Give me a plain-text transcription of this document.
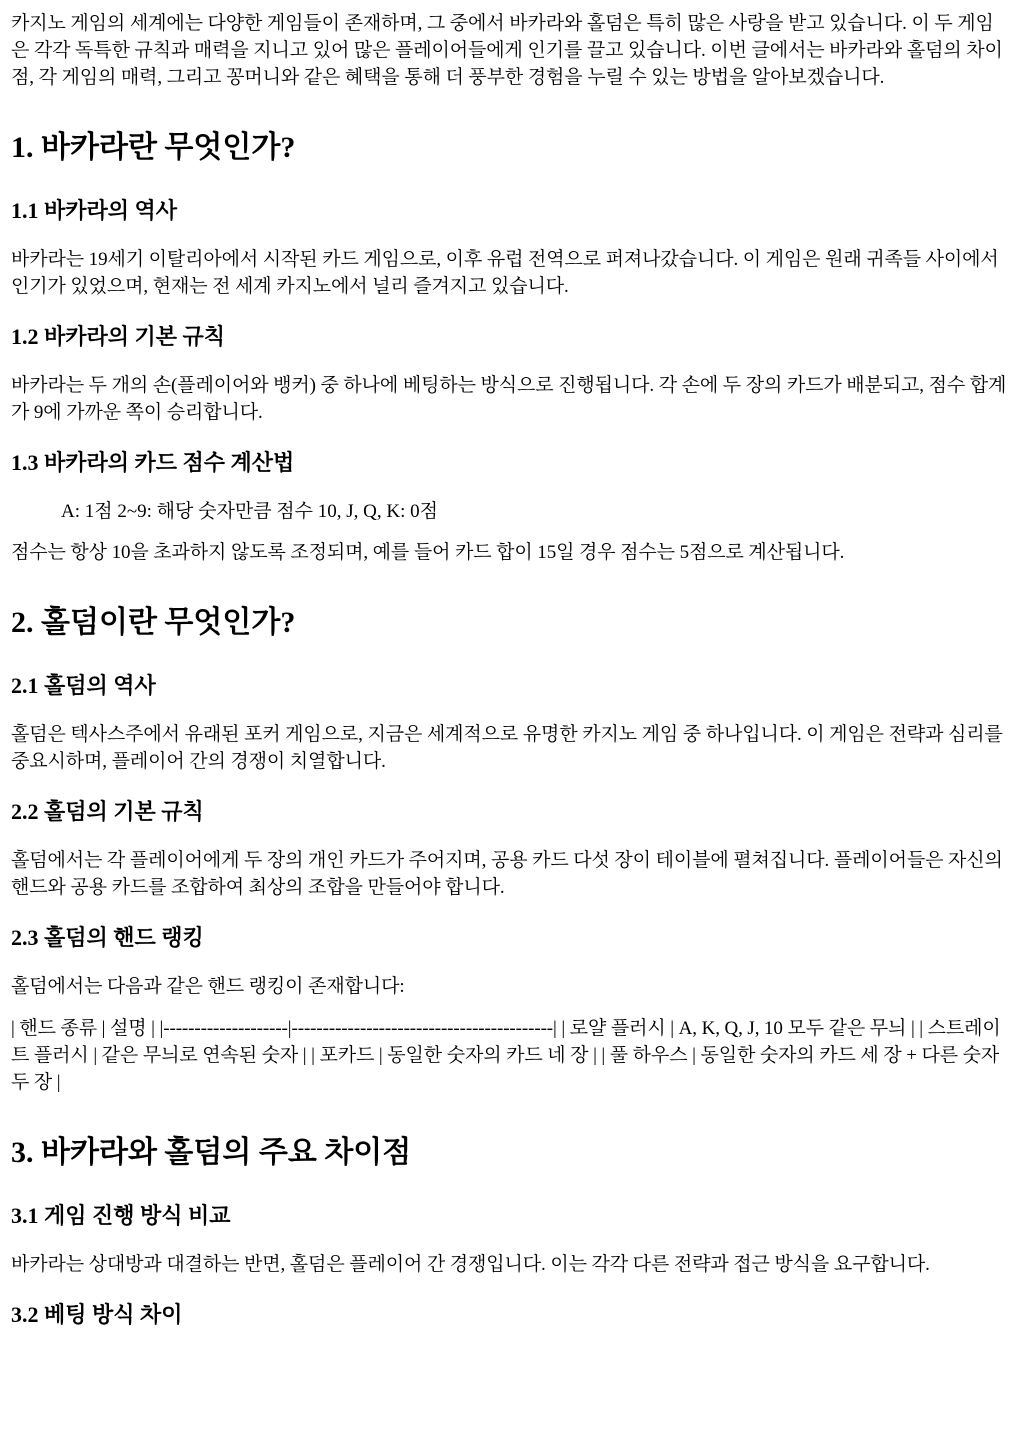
카지노 게임의 세계에는 다양한 게임들이 존재하며, 그 중에서 바카라와 홀덤은 특히 많은 사랑을 받고 있습니다. 이 두 게임은 각각 독특한 규칙과 매력을 지니고 있어 많은 플레이어들에게 인기를 끌고 있습니다. 이번 글에서는 바카라와 홀덤의 차이점, 각 게임의 매력, 그리고 꽁머니와 같은 혜택을 통해 더 풍부한 경험을 누릴 수 있는 방법을 알아보겠습니다.

1. 바카라란 무엇인가?
1.1 바카라의 역사

바카라는 19세기 이탈리아에서 시작된 카드 게임으로, 이후 유럽 전역으로 퍼져나갔습니다. 이 게임은 원래 귀족들 사이에서 인기가 있었으며, 현재는 전 세계 카지노에서 널리 즐겨지고 있습니다.

1.2 바카라의 기본 규칙

바카라는 두 개의 손(플레이어와 뱅커) 중 하나에 베팅하는 방식으로 진행됩니다. 각 손에 두 장의 카드가 배분되고, 점수 합계가 9에 가까운 쪽이 승리합니다.

1.3 바카라의 카드 점수 계산법
A: 1점 2~9: 해당 숫자만큼 점수 10, J, Q, K: 0점

점수는 항상 10을 초과하지 않도록 조정되며, 예를 들어 카드 합이 15일 경우 점수는 5점으로 계산됩니다.

2. 홀덤이란 무엇인가?
2.1 홀덤의 역사

홀덤은 텍사스주에서 유래된 포커 게임으로, 지금은 세계적으로 유명한 카지노 게임 중 하나입니다. 이 게임은 전략과 심리를 중요시하며, 플레이어 간의 경쟁이 치열합니다.

2.2 홀덤의 기본 규칙

홀덤에서는 각 플레이어에게 두 장의 개인 카드가 주어지며, 공용 카드 다섯 장이 테이블에 펼쳐집니다. 플레이어들은 자신의 핸드와 공용 카드를 조합하여 최상의 조합을 만들어야 합니다.

2.3 홀덤의 핸드 랭킹

홀덤에서는 다음과 같은 핸드 랭킹이 존재합니다:

| 핸드 종류 | 설명 | |--------------------|------------------------------------------| | 로얄 플러시 | A, K, Q, J, 10 모두 같은 무늬 | | 스트레이트 플러시 | 같은 무늬로 연속된 숫자 | | 포카드 | 동일한 숫자의 카드 네 장 | | 풀 하우스 | 동일한 숫자의 카드 세 장 + 다른 숫자 두 장 |

3. 바카라와 홀덤의 주요 차이점
3.1 게임 진행 방식 비교

바카라는 상대방과 대결하는 반면, 홀덤은 플레이어 간 경쟁입니다. 이는 각각 다른 전략과 접근 방식을 요구합니다.

3.2 베팅 방식 차이
